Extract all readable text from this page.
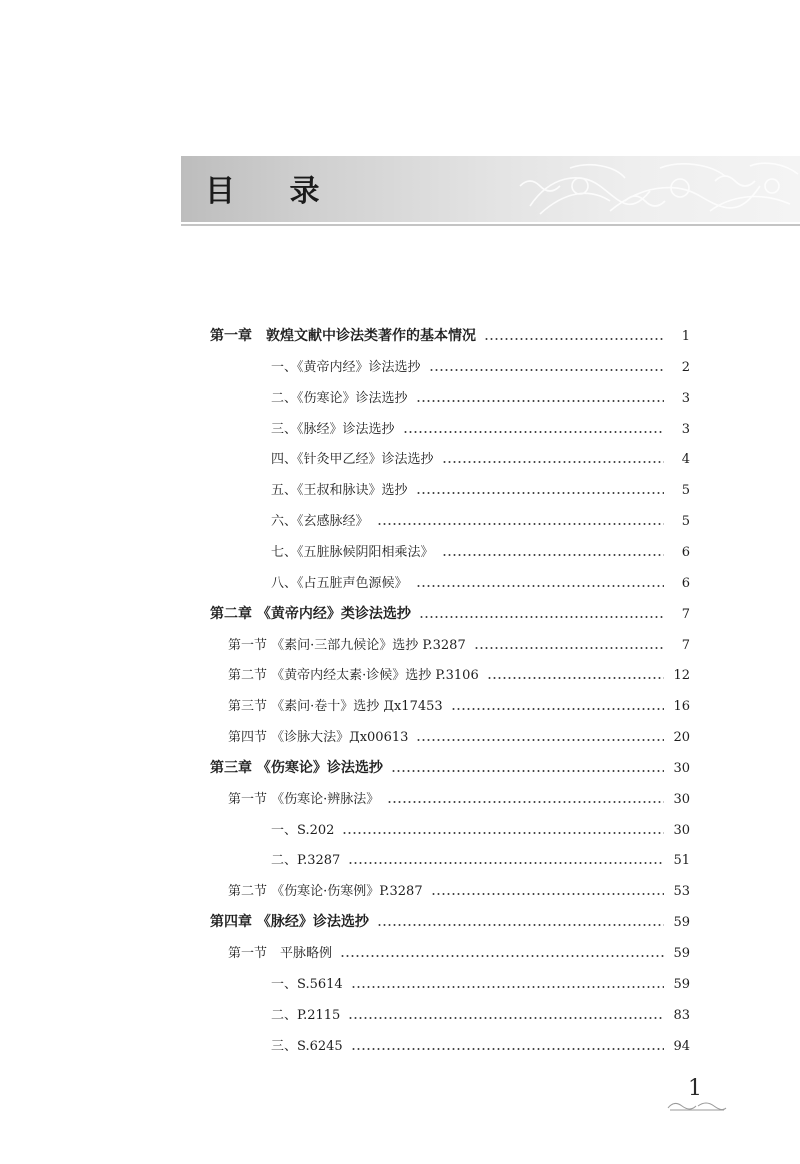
目 录
第一章　敦煌文献中诊法类著作的基本情况	1
一、《黄帝内经》诊法选抄	2
二、《伤寒论》诊法选抄	3
三、《脉经》诊法选抄	3
四、《针灸甲乙经》诊法选抄	4
五、《王叔和脉诀》选抄	5
六、《玄感脉经》	5
七、《五脏脉候阴阳相乘法》	6
八、《占五脏声色源候》	6
第二章 《黄帝内经》类诊法选抄	7
第一节 《素问·三部九候论》选抄 P.3287	7
第二节 《黄帝内经太素·诊候》选抄 P.3106	12
第三节 《素问·卷十》选抄 Дx17453	16
第四节 《诊脉大法》Дx00613	20
第三章 《伤寒论》诊法选抄	30
第一节 《伤寒论·辨脉法》	30
一、S.202	30
二、P.3287	51
第二节 《伤寒论·伤寒例》P.3287	53
第四章 《脉经》诊法选抄	59
第一节　平脉略例	59
一、S.5614	59
二、P.2115	83
三、S.6245	94
1
